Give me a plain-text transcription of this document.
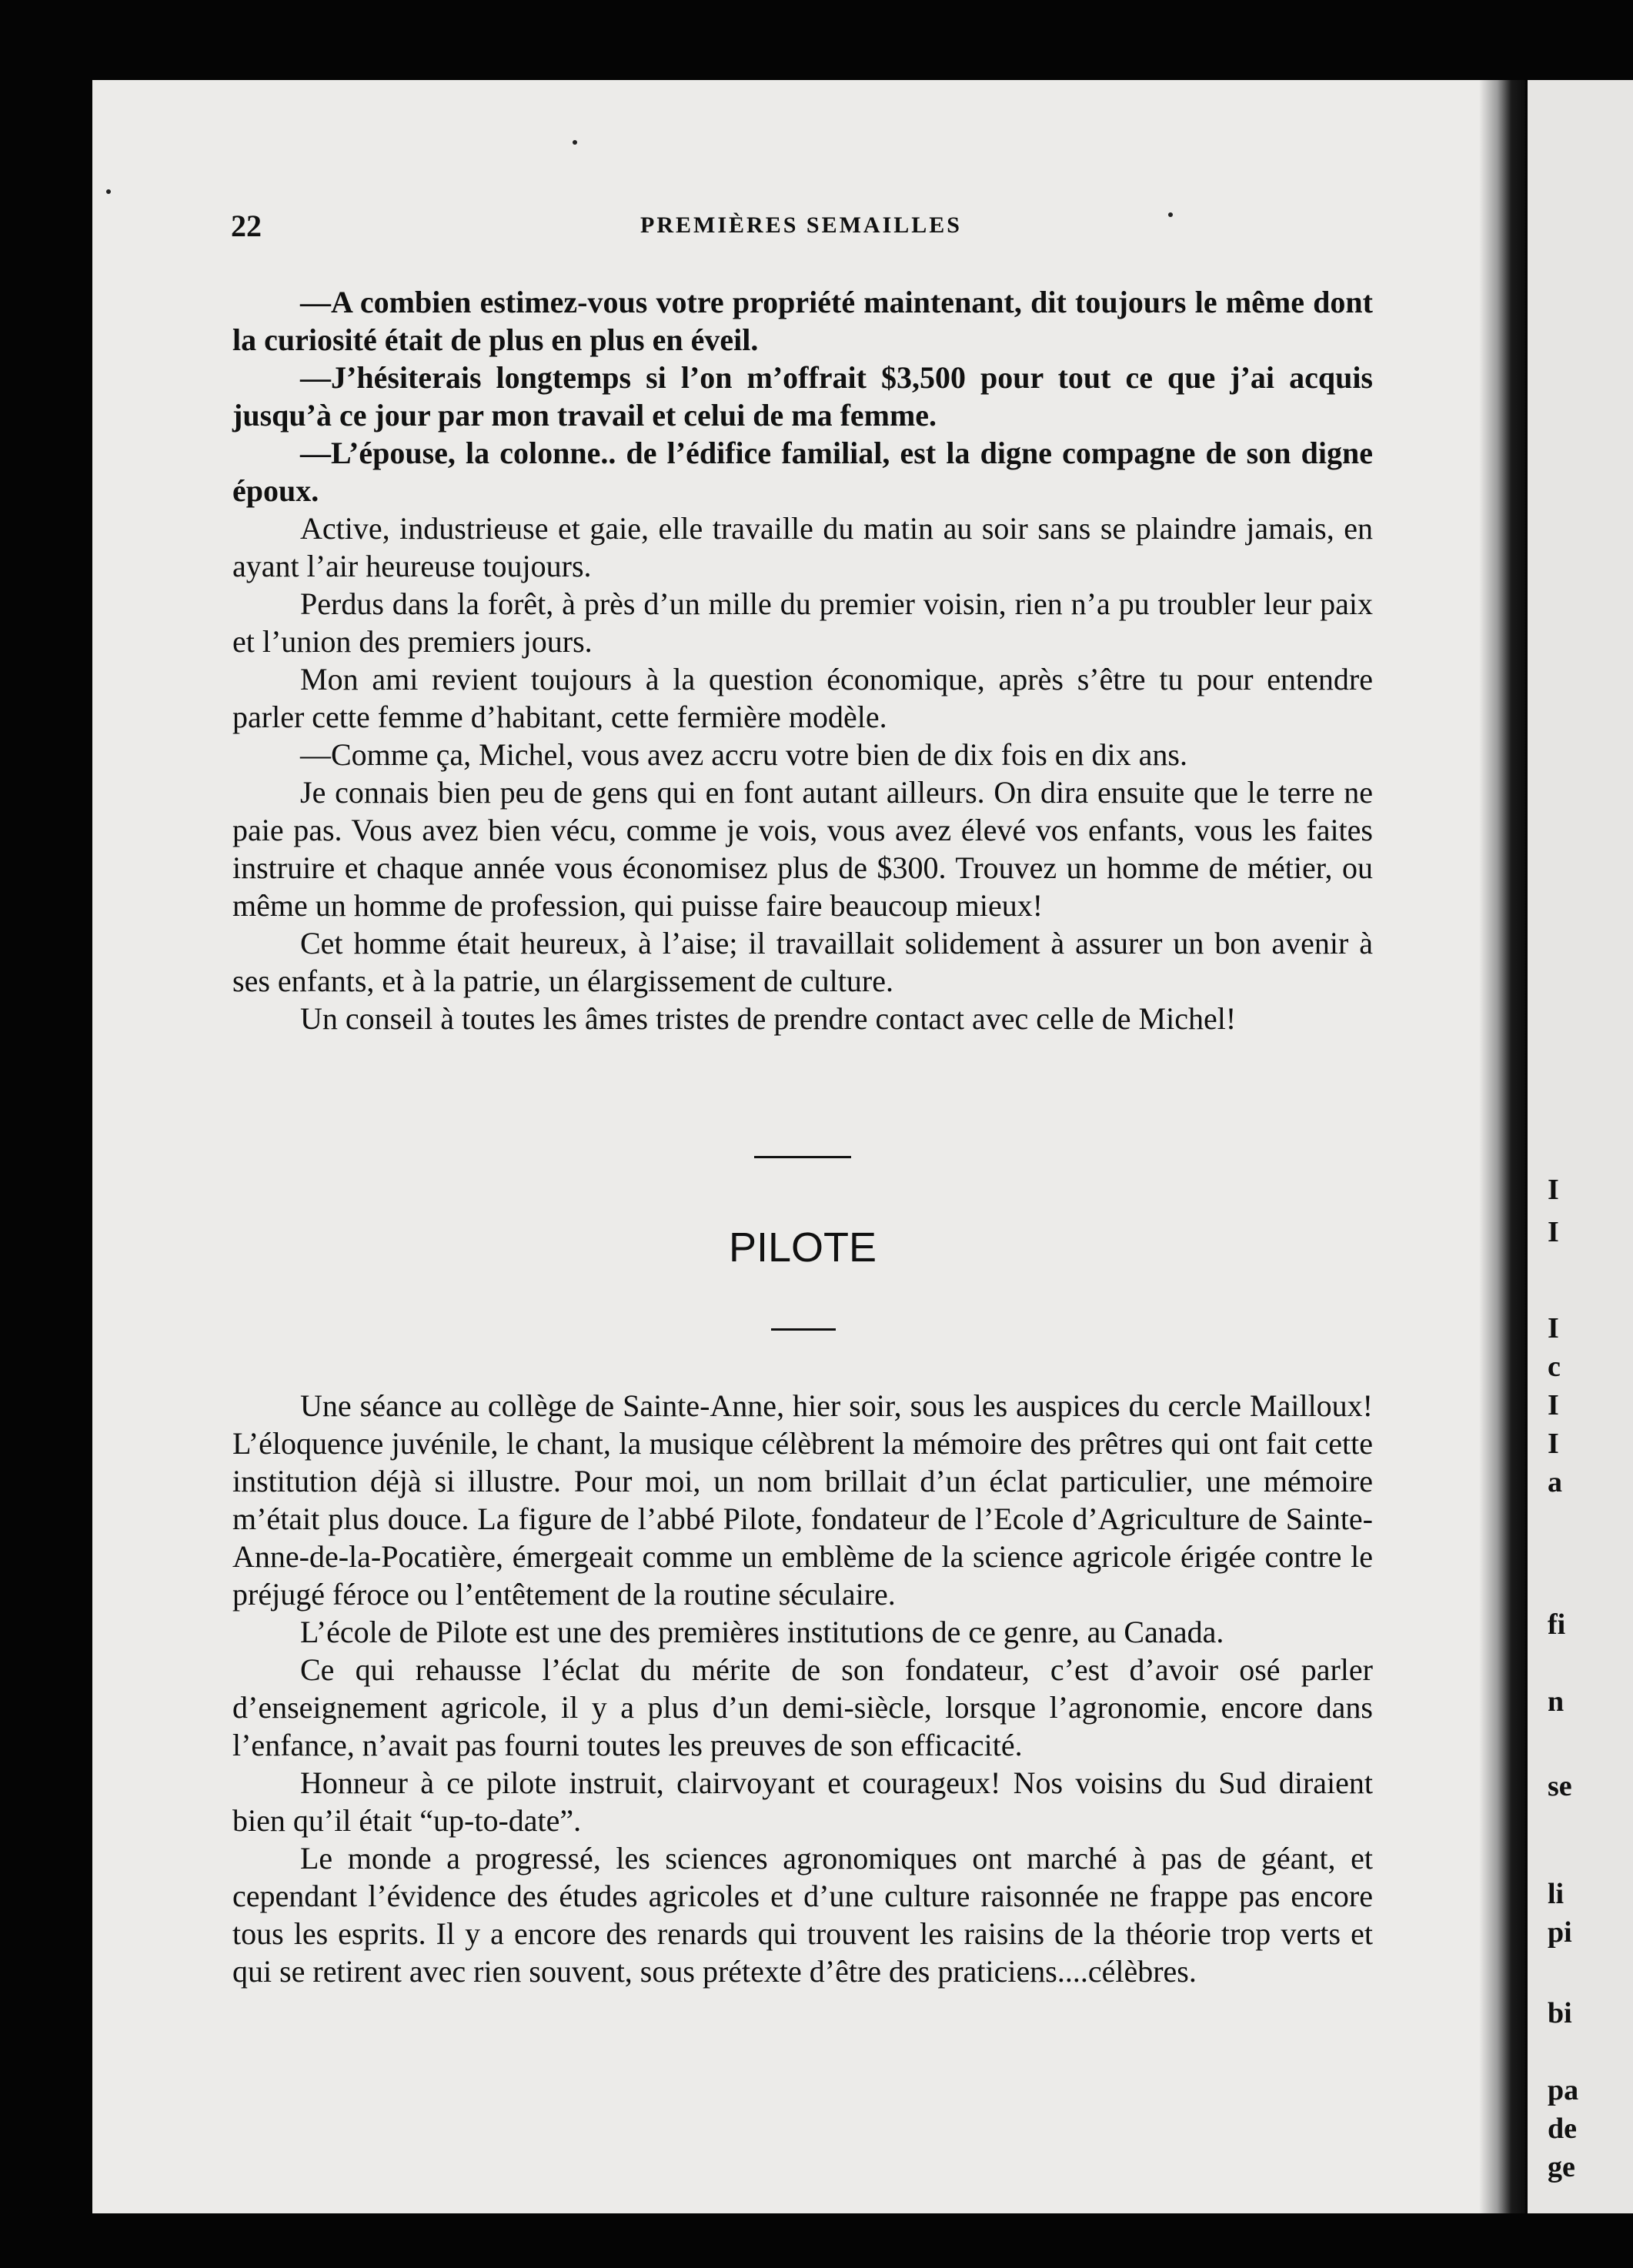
I
I
I
c
I
I
a
fi
n
se
li
pi
bi
pa
de
ge
22	PREMIÈRES SEMAILLES

—A combien estimez-vous votre propriété maintenant, dit toujours le même dont la curiosité était de plus en plus en éveil.

—J’hésiterais longtemps si l’on m’offrait $3,500 pour tout ce que j’ai acquis jusqu’à ce jour par mon travail et celui de ma femme.

—L’épouse, la colonne.. de l’édifice familial, est la digne compagne de son digne époux.

Active, industrieuse et gaie, elle travaille du matin au soir sans se plaindre jamais, en ayant l’air heureuse toujours.

Perdus dans la forêt, à près d’un mille du premier voisin, rien n’a pu troubler leur paix et l’union des premiers jours.

Mon ami revient toujours à la question économique, après s’être tu pour entendre parler cette femme d’habitant, cette fermière modèle.

—Comme ça, Michel, vous avez accru votre bien de dix fois en dix ans.

Je connais bien peu de gens qui en font autant ailleurs. On dira ensuite que le terre ne paie pas. Vous avez bien vécu, comme je vois, vous avez élevé vos enfants, vous les faites instruire et chaque année vous économisez plus de $300. Trouvez un homme de métier, ou même un homme de profession, qui puisse faire beaucoup mieux!

Cet homme était heureux, à l’aise; il travaillait solidement à assurer un bon avenir à ses enfants, et à la patrie, un élargissement de culture.

Un conseil à toutes les âmes tristes de prendre contact avec celle de Michel!

PILOTE

Une séance au collège de Sainte-Anne, hier soir, sous les auspices du cercle Mailloux! L’éloquence juvénile, le chant, la musique célèbrent la mémoire des prêtres qui ont fait cette institution déjà si illustre. Pour moi, un nom brillait d’un éclat particulier, une mémoire m’était plus douce. La figure de l’abbé Pilote, fondateur de l’Ecole d’Agriculture de Sainte-Anne-de-la-Pocatière, émergeait comme un emblème de la science agricole érigée contre le préjugé féroce ou l’entêtement de la routine séculaire.

L’école de Pilote est une des premières institutions de ce genre, au Canada.

Ce qui rehausse l’éclat du mérite de son fondateur, c’est d’avoir osé parler d’enseignement agricole, il y a plus d’un demi-siècle, lorsque l’agronomie, encore dans l’enfance, n’avait pas fourni toutes les preuves de son efficacité.

Honneur à ce pilote instruit, clairvoyant et courageux! Nos voisins du Sud diraient bien qu’il était “up-to-date”.

Le monde a progressé, les sciences agronomiques ont marché à pas de géant, et cependant l’évidence des études agricoles et d’une culture raisonnée ne frappe pas encore tous les esprits. Il y a encore des renards qui trouvent les raisins de la théorie trop verts et qui se retirent avec rien souvent, sous prétexte d’être des praticiens....célèbres.
